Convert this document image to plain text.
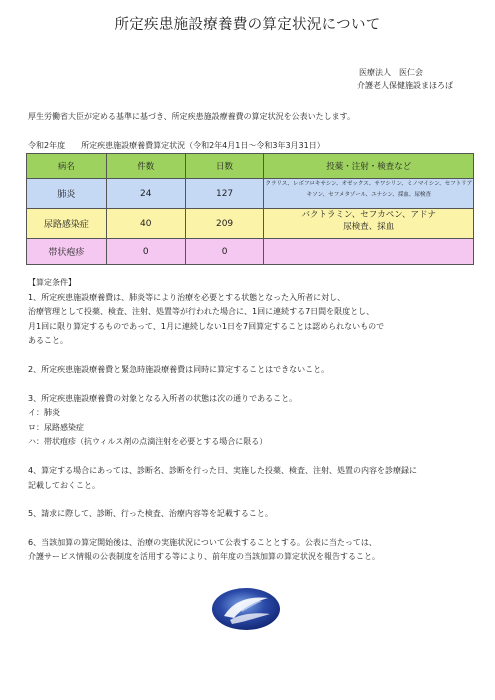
所定疾患施設療養費の算定状況について
医療法人　医仁会
介護老人保健施設まほろば
厚生労働省大臣が定める基準に基づき、所定疾患施設療養費の算定状況を公表いたします。
令和2年度 所定疾患施設療養費算定状況（令和2年4月1日～令和3年3月31日）
病名	件数	日数	投薬・注射・検査など
肺炎	24	127	クラリス、レボフロキサシン、オゼックス、サワシリン、ミノマイシン、セフトリアキソン、セフメタゾール、ユナシン、採血、尿検査
尿路感染症	40	209	バクトラミン、セフカペン、アドナ
尿検査、採血

帯状疱疹	0	0	

【算定条件】

1、所定疾患施設療養費は、肺炎等により治療を必要とする状態となった入所者に対し、

治療管理として投薬、検査、注射、処置等が行われた場合に、1回に連続する7日間を限度とし、

月1回に限り算定するものであって、1月に連続しない1日を7回算定することは認められないもので

あること。

2、所定疾患施設療養費と緊急時施設療養費は同時に算定することはできないこと。

3、所定疾患施設療養費の対象となる入所者の状態は次の通りであること。

イ：肺炎

ロ：尿路感染症

ハ：帯状疱疹（抗ウィルス剤の点滴注射を必要とする場合に限る）

4、算定する場合にあっては、診断名、診断を行った日、実施した投薬、検査、注射、処置の内容を診療録に

記載しておくこと。

5、請求に際して、診断、行った検査、治療内容等を記載すること。

6、当該加算の算定開始後は、治療の実施状況について公表することとする。公表に当たっては、

介護サービス情報の公表制度を活用する等により、前年度の当該加算の算定状況を報告すること。
